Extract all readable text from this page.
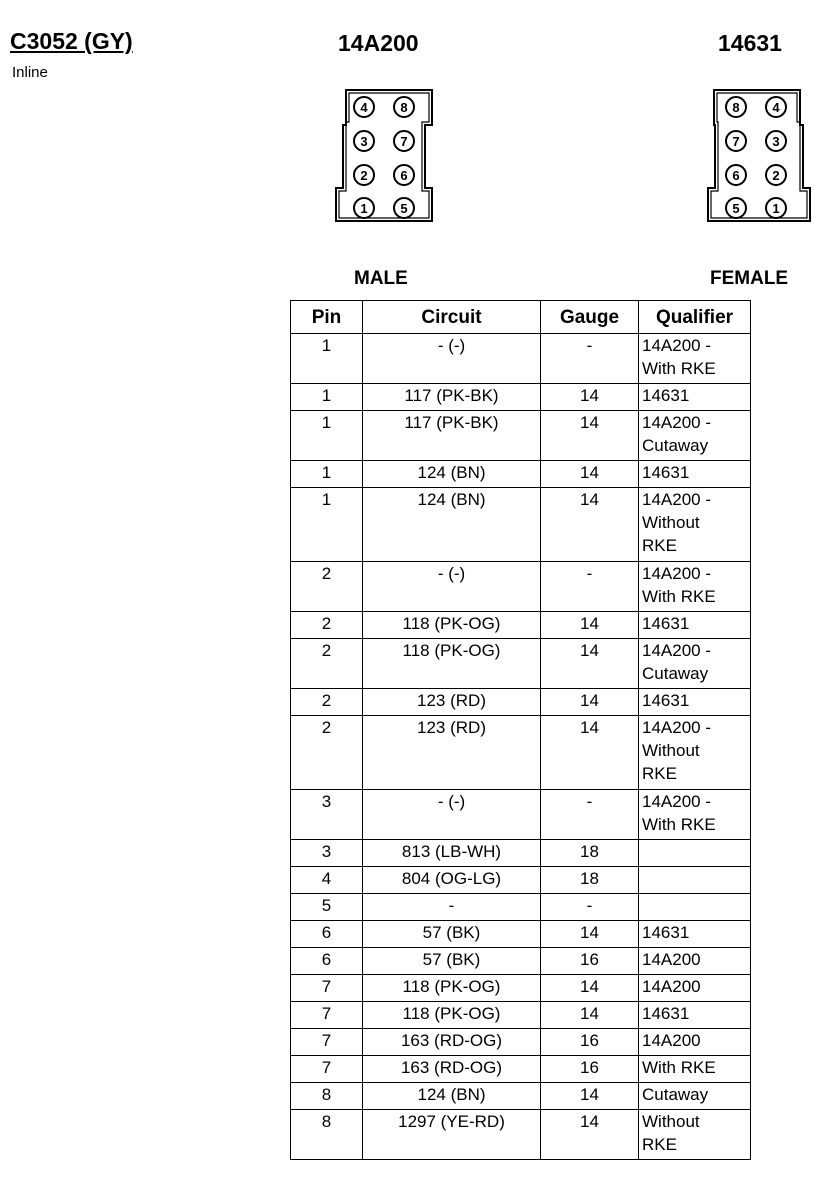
C3052 (GY)
Inline
14A200	14631
4	8
3	7
2	6
1	5
8	4
7	3
6	2
5	1
MALE	FEMALE
Pin	Circuit	Gauge	Qualifier
1	- (-)	-	14A200 -
With RKE

1	117 (PK-BK)	14	14631

1	117 (PK-BK)	14	14A200 -
Cutaway

1	124 (BN)	14	14631

1	124 (BN)	14	14A200 -
Without
RKE

2	- (-)	-	14A200 -
With RKE

2	118 (PK-OG)	14	14631

2	118 (PK-OG)	14	14A200 -
Cutaway

2	123 (RD)	14	14631

2	123 (RD)	14	14A200 -
Without
RKE

3	- (-)	-	14A200 -
With RKE

3	813 (LB-WH)	18	
4	804 (OG-LG)	18	
5	-	-	
6	57 (BK)	14	14631

6	57 (BK)	16	14A200

7	118 (PK-OG)	14	14A200

7	118 (PK-OG)	14	14631

7	163 (RD-OG)	16	14A200

7	163 (RD-OG)	16	With RKE

8	124 (BN)	14	Cutaway

8	1297 (YE-RD)	14	Without
RKE
